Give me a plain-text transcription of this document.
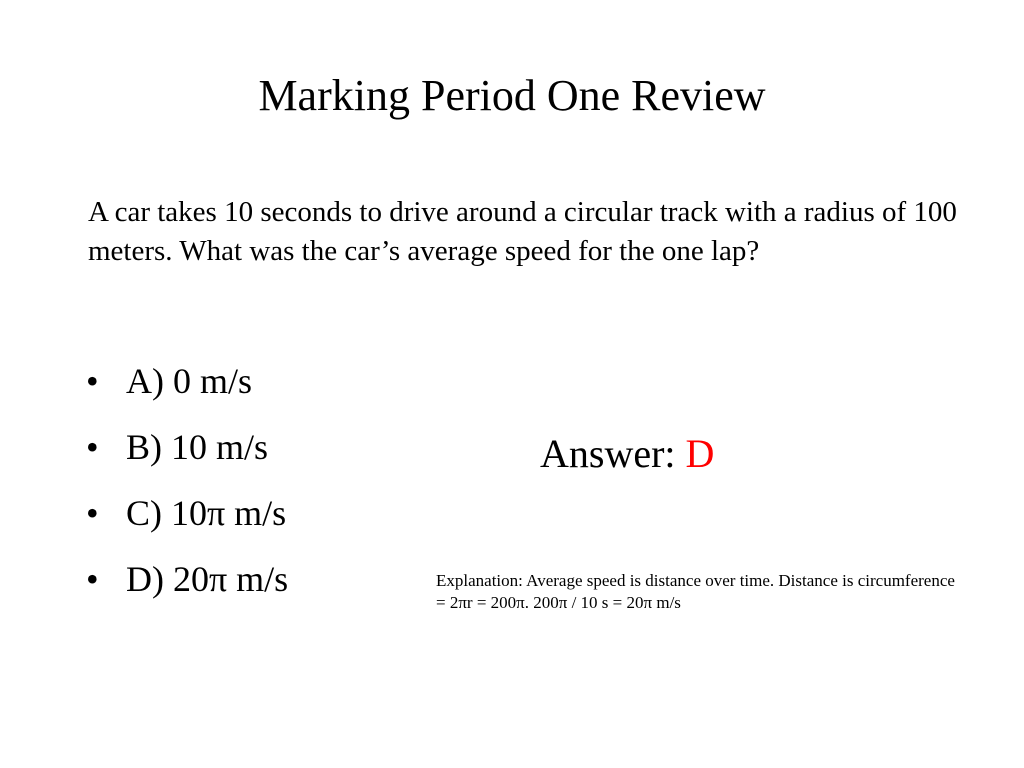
Marking Period One Review
A car takes 10 seconds to drive around a circular track with a radius of 100 meters. What was the car’s average speed for the one lap?
• A) 0 m/s
• B) 10 m/s
• C) 10π m/s
• D) 20π m/s
Answer: D
Explanation: Average speed is distance over time. Distance is circumference = 2πr = 200π. 200π / 10 s = 20π m/s
